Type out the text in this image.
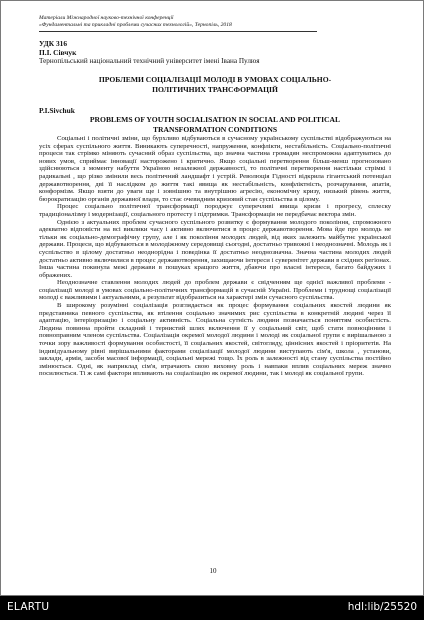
Матеріали Міжнародної науково-технічної конференції
«Фундаментальні та прикладні проблеми сучасних технологій», Тернопіль, 2018
УДК 316
П.І. Сівчук
Тернопільський національний технічний університет імені Івана Пулюя
ПРОБЛЕМИ СОЦІАЛІЗАЦІЇ МОЛОДІ В УМОВАХ СОЦІАЛЬНО-ПОЛІТИЧНИХ ТРАНСФОРМАЦІЙ
P.I.Sivchuk
PROBLEMS OF YOUTH SOCIALISATION IN SOCIAL AND POLITICAL TRANSFORMATION CONDITIONS

Соціальні і політичні зміни, що бурхливо відбуваються в сучасному українському суспільстві відображуються на усіх сферах суспільного життя. Виникають суперечності, напруження, конфлікти, нестабільність. Соціально-політичні процеси так стрімко міняють сучасний образ суспільства, що значна частина громадян неспроможна адаптуватись до нових умов, сприймає інновації насторожено і критично. Якщо соціальні перетворення більш-менш прогнозовано здійснюються з моменту набуття Україною незалежної державності, то політичні перетворення настільки стрімкі і радикальні , що різко змінили весь політичний ландшафт і устрій. Революція Гідності відкрила гігантський потенціал державотворення, дві її наслідком до життя такі явища як нестабільність, конфліктність, розчарування, апатія, конформізм. Якщо взяти до уваги ще і зовнішню та внутрішню агресію, економічну кризу, низький рівень життя, бюрократизацію органів державної влади, то стає очевидним кризовий стан суспільства в цілому.

Процес соціально політичної трансформації породжує суперечливі явища кризи і прогресу, сплеску традиціоналізму і модернізації, соціального протесту і підтримки. Трансформація не передбачає вектора змін.

Однією з актуальних проблем сучасного суспільного розвитку є формування молодого покоління, спроможного адекватно відповісти на всі виклики часу і активно включитися в процес державотворення. Мова йде про молодь не тільки як соціально-демографічну групу, але і як покоління молодих людей, від яких залежить майбутнє української держави. Процеси, що відбуваються в молодіжному середовищі сьогодні, достатньо тривожні і неоднозначні. Молодь як і суспільство в цілому достатньо неоднорідна і поведінка її достатньо неоднозначна. Значна частина молодих людей достатньо активно включилися в процес державотворення, захищаючи інтереси і суверенітет держави в східних регіонах. Інша частина покинула межі держави в пошуках кращого життя, дбаючи про власні інтереси, багато байдужих і ображених.

Неоднозначне ставлення молодих людей до проблем держави є свідченням ще однієї важливої проблеми - соціалізації молоді в умовах соціально-політичних трансформацій в сучасній Україні. Проблеми і труднощі соціалізації молоді є важливими і актуальними, а результат відобразиться на характері змін сучасного суспільства.

В широкому розумінні соціалізація розглядається як процес формування соціальних якостей людини як представника певного суспільства, як втілення соціально значимих рис суспільства в конкретній людині через її адаптацію, інтеріоризацію і соціальну активність. Соціальна сутність людини позначається поняттям особистість. Людина повинна пройти складний і тернистий шлях включення її у соціальний світ, щоб стати повноцінним і повноправним членом суспільства. Соціалізація окремої молодої людини і молоді як соціальної групи є вирішальною з точки зору важливості формування особистості, її соціальних якостей, світогляду, ціннісних якостей і пріоритетів. На індивідуальному рівні вирішальними факторами соціалізації молодої людини виступають сім'я, школа , установи, заклади, армія, засоби масової інформації, соціальні мережі тощо. Їх роль в залежності від стану суспільства постійно змінюється. Одні, як наприклад сім'я, втрачають свою виховну роль і навпаки вплив соціальних мереж значно посилюється. Ті ж самі фактори впливають на соціалізацію як окремої людини, так і молоді як соціальної групи.

10
ELARTU	hdl:lib/25520
